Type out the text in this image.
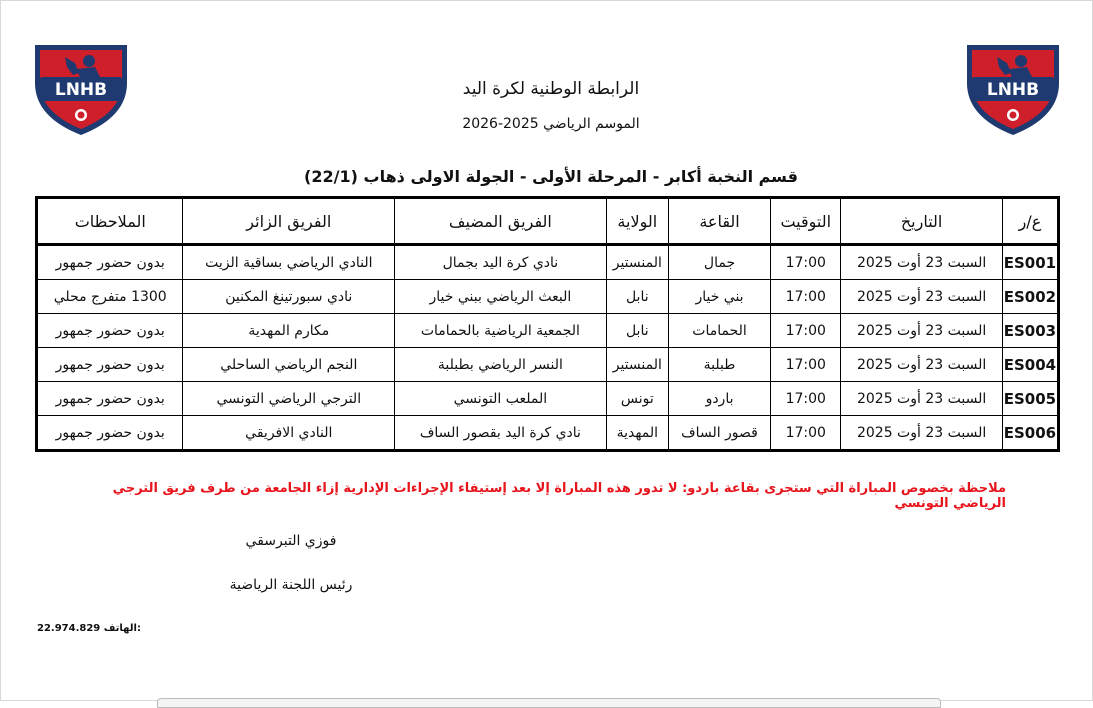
LNHB	LNHB
الرابطة الوطنية لكرة اليد
الموسم الرياضي 2025-2026
قسم النخبة أكابر - المرحلة الأولى - الجولة الاولى ذهاب (22/1)
ع/ر	التاريخ	التوقيت	القاعة	الولاية	الفريق المضيف	الفريق الزائر	الملاحظات
ES001	السبت 23 أوت 2025	17:00	جمال	المنستير	نادي كرة اليد بجمال	النادي الرياضي بساقية الزيت	بدون حضور جمهور
ES002	السبت 23 أوت 2025	17:00	بني خيار	نابل	البعث الرياضي ببني خيار	نادي سبورتينغ المكنين	1300 متفرج محلي
ES003	السبت 23 أوت 2025	17:00	الحمامات	نابل	الجمعية الرياضية بالحمامات	مكارم المهدية	بدون حضور جمهور
ES004	السبت 23 أوت 2025	17:00	طبلبة	المنستير	النسر الرياضي بطبلبة	النجم الرياضي الساحلي	بدون حضور جمهور
ES005	السبت 23 أوت 2025	17:00	باردو	تونس	الملعب التونسي	الترجي الرياضي التونسي	بدون حضور جمهور
ES006	السبت 23 أوت 2025	17:00	قصور الساف	المهدية	نادي كرة اليد بقصور الساف	النادي الافريقي	بدون حضور جمهور
ملاحظة بخصوص المباراة التي ستجرى بقاعة باردو: لا تدور هذه المباراة إلا بعد إستيفاء الإجراءات الإدارية إزاء الجامعة من طرف فريق الترجي الرياضي التونسي
فوزي التبرسقي
رئيس اللجنة الرياضية
22.974.829 الهاتف:
